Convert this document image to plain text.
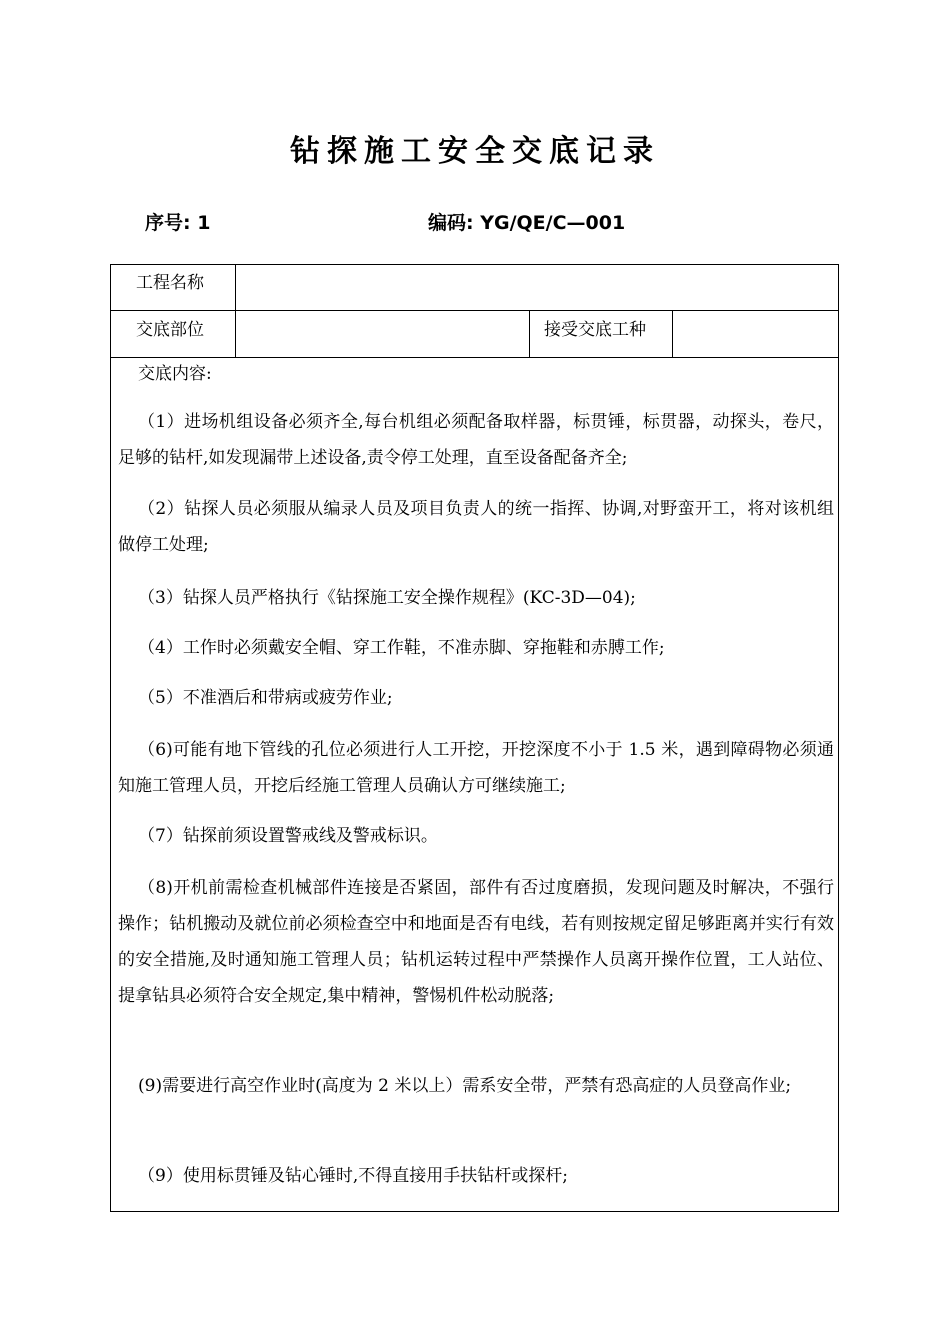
钻探施工安全交底记录
序号: 1	编码: YG/QE/C—001
工程名称
交底部位	接受交底工种
交底内容:
（1）进场机组设备必须齐全,每台机组必须配备取样器，标贯锤，标贯器，动探头，卷尺，足够的钻杆,如发现漏带上述设备,责令停工处理，直至设备配备齐全;
（2）钻探人员必须服从编录人员及项目负责人的统一指挥、协调,对野蛮开工，将对该机组做停工处理;
（3）钻探人员严格执行《钻探施工安全操作规程》(KC-3D—04);
（4）工作时必须戴安全帽、穿工作鞋，不准赤脚、穿拖鞋和赤膊工作;
（5）不准酒后和带病或疲劳作业;
（6)可能有地下管线的孔位必须进行人工开挖，开挖深度不小于 1.5 米，遇到障碍物必须通知施工管理人员，开挖后经施工管理人员确认方可继续施工;
（7）钻探前须设置警戒线及警戒标识。
（8)开机前需检查机械部件连接是否紧固，部件有否过度磨损，发现问题及时解决，不强行操作；钻机搬动及就位前必须检查空中和地面是否有电线，若有则按规定留足够距离并实行有效的安全措施,及时通知施工管理人员；钻机运转过程中严禁操作人员离开操作位置，工人站位、提拿钻具必须符合安全规定,集中精神，警惕机件松动脱落;
(9)需要进行高空作业时(高度为 2 米以上）需系安全带，严禁有恐高症的人员登高作业;
（9）使用标贯锤及钻心锤时,不得直接用手扶钻杆或探杆;
